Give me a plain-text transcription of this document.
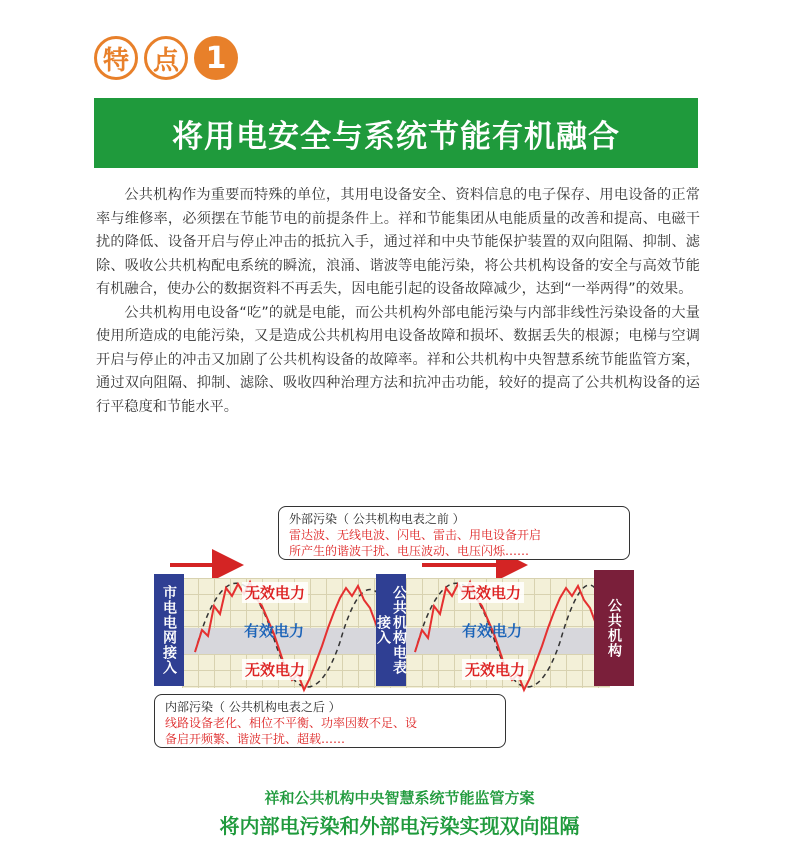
特 点 1
将用电安全与系统节能有机融合

公共机构作为重要而特殊的单位，其用电设备安全、资料信息的电子保存、用电设备的正常率与维修率，必须摆在节能节电的前提条件上。祥和节能集团从电能质量的改善和提高、电磁干扰的降低、设备开启与停止冲击的抵抗入手，通过祥和中央节能保护装置的双向阻隔、抑制、滤除、吸收公共机构配电系统的瞬流，浪涌、谐波等电能污染，将公共机构设备的安全与高效节能有机融合，使办公的数据资料不再丢失，因电能引起的设备故障减少，达到“一举两得”的效果。

公共机构用电设备“吃”的就是电能，而公共机构外部电能污染与内部非线性污染设备的大量使用所造成的电能污染，又是造成公共机构用电设备故障和损坏、数据丢失的根源；电梯与空调开启与停止的冲击又加剧了公共机构设备的故障率。祥和公共机构中央智慧系统节能监管方案，通过双向阻隔、抑制、滤除、吸收四种治理方法和抗冲击功能，较好的提高了公共机构设备的运行平稳度和节能水平。

市电电网接入	公共机构电表接入	公共机构
无效电力	无效电力
有效电力	有效电力
无效电力	无效电力
外部污染（ 公共机构电表之前 ）
雷达波、无线电波、闪电、雷击、用电设备开启
所产生的谐波干扰、电压波动、电压闪烁……
内部污染（ 公共机构电表之后 ）
线路设备老化、相位不平衡、功率因数不足、设
备启开频繁、谐波干扰、超载……
祥和公共机构中央智慧系统节能监管方案
将内部电污染和外部电污染实现双向阻隔
